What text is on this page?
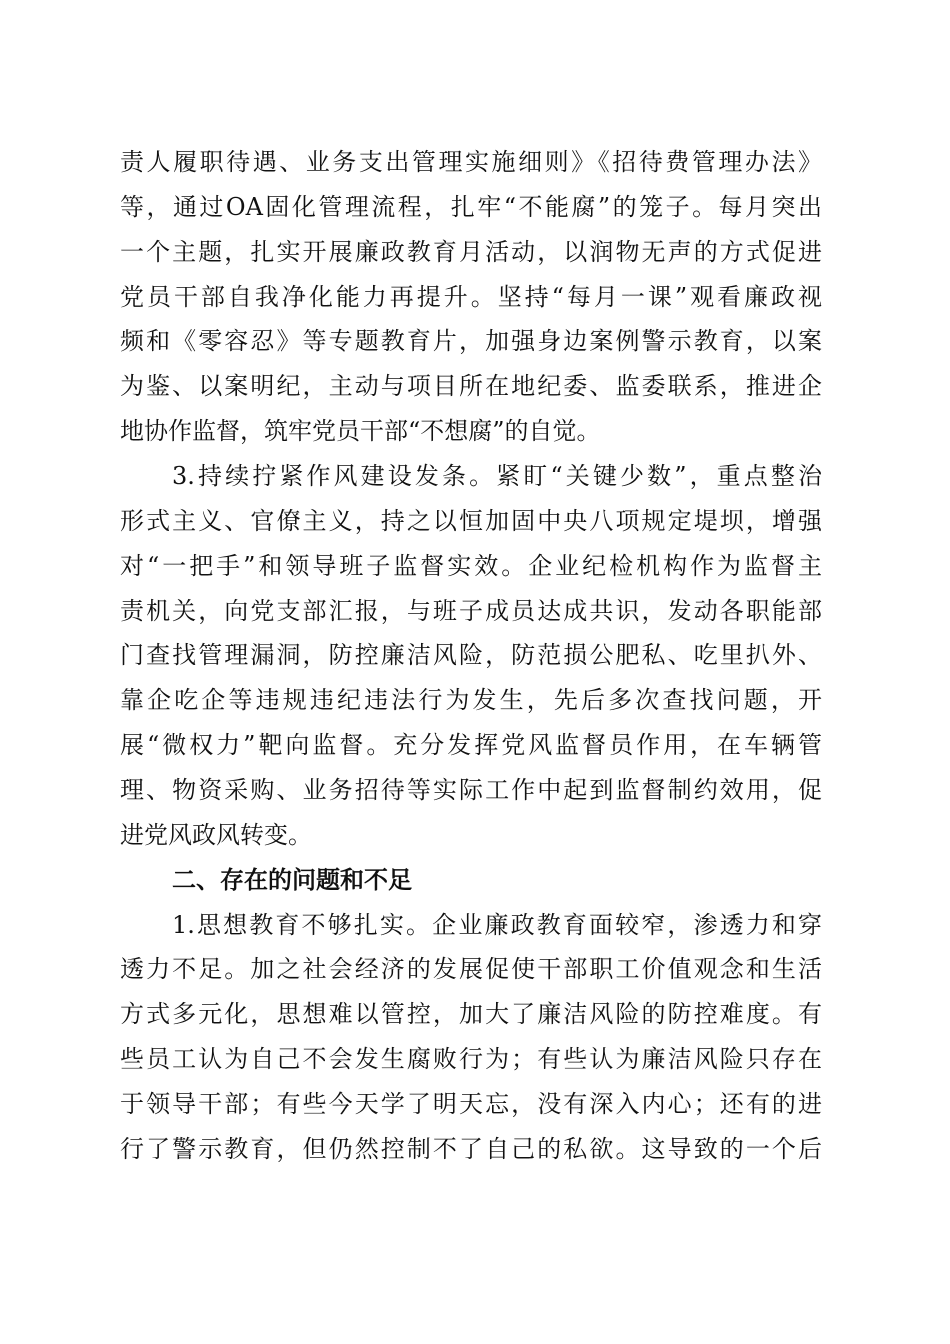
责人履职待遇、业务支出管理实施细则》《招待费管理办法》
等，通过OA固化管理流程，扎牢“不能腐”的笼子。每月突出
一个主题，扎实开展廉政教育月活动，以润物无声的方式促进
党员干部自我净化能力再提升。坚持“每月一课”观看廉政视
频和《零容忍》等专题教育片，加强身边案例警示教育，以案
为鉴、以案明纪，主动与项目所在地纪委、监委联系，推进企
地协作监督，筑牢党员干部“不想腐”的自觉。
3.持续拧紧作风建设发条。紧盯“关键少数”，重点整治
形式主义、官僚主义，持之以恒加固中央八项规定堤坝，增强
对“一把手”和领导班子监督实效。企业纪检机构作为监督主
责机关，向党支部汇报，与班子成员达成共识，发动各职能部
门查找管理漏洞，防控廉洁风险，防范损公肥私、吃里扒外、
靠企吃企等违规违纪违法行为发生，先后多次查找问题，开
展“微权力”靶向监督。充分发挥党风监督员作用，在车辆管
理、物资采购、业务招待等实际工作中起到监督制约效用，促
进党风政风转变。
二、存在的问题和不足
1.思想教育不够扎实。企业廉政教育面较窄，渗透力和穿
透力不足。加之社会经济的发展促使干部职工价值观念和生活
方式多元化，思想难以管控，加大了廉洁风险的防控难度。有
些员工认为自己不会发生腐败行为；有些认为廉洁风险只存在
于领导干部；有些今天学了明天忘，没有深入内心；还有的进
行了警示教育，但仍然控制不了自己的私欲。这导致的一个后
